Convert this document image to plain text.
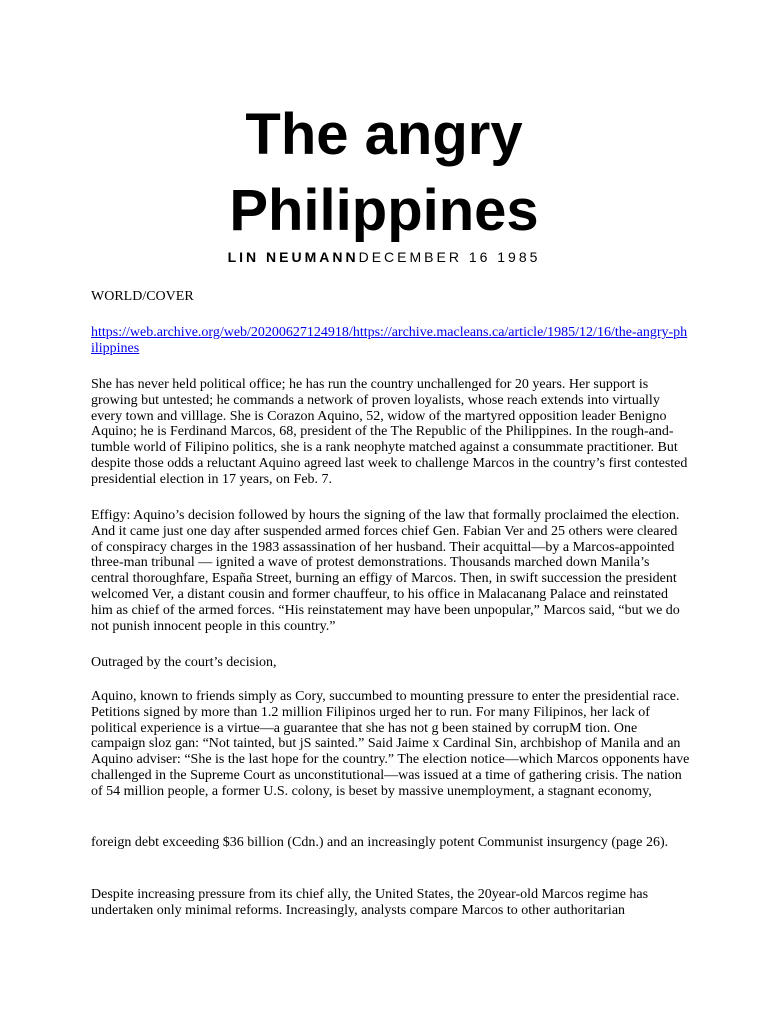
The angry
Philippines
LIN NEUMANNDECEMBER 16 1985

WORLD/COVER

https://web.archive.org/web/20200627124918/https://archive.macleans.ca/article/1985/12/16/the-angry-philippines

She has never held political office; he has run the country unchallenged for 20 years. Her support is growing but untested; he commands a network of proven loyalists, whose reach extends into virtually every town and villlage. She is Corazon Aquino, 52, widow of the martyred opposition leader Benigno Aquino; he is Ferdinand Marcos, 68, president of the The Republic of the Philippines. In the rough-and-tumble world of Filipino politics, she is a rank neophyte matched against a consummate practitioner. But despite those odds a reluctant Aquino agreed last week to challenge Marcos in the country’s first contested presidential election in 17 years, on Feb. 7.

Effigy: Aquino’s decision followed by hours the signing of the law that formally proclaimed the election. And it came just one day after suspended armed forces chief Gen. Fabian Ver and 25 others were cleared of conspiracy charges in the 1983 assassination of her husband. Their acquittal—by a Marcos-appointed three-man tribunal — ignited a wave of protest demonstrations. Thousands marched down Manila’s central thoroughfare, España Street, burning an effigy of Marcos. Then, in swift succession the president welcomed Ver, a distant cousin and former chauffeur, to his office in Malacanang Palace and reinstated him as chief of the armed forces. “His reinstatement may have been unpopular,” Marcos said, “but we do not punish innocent people in this country.”

Outraged by the court’s decision,

Aquino, known to friends simply as Cory, succumbed to mounting pressure to enter the presidential race. Petitions signed by more than 1.2 million Filipinos urged her to run. For many Filipinos, her lack of political experience is a virtue—a guarantee that she has not g been stained by corrupM tion. One campaign sloz gan: “Not tainted, but jS sainted.” Said Jaime x Cardinal Sin, archbishop of Manila and an Aquino adviser: “She is the last hope for the country.” The election notice—which Marcos opponents have challenged in the Supreme Court as unconstitutional—was issued at a time of gathering crisis. The nation of 54 million people, a former U.S. colony, is beset by massive unemployment, a stagnant economy,

foreign debt exceeding $36 billion (Cdn.) and an increasingly potent Communist insurgency (page 26).

Despite increasing pressure from its chief ally, the United States, the 20year-old Marcos regime has undertaken only minimal reforms. Increasingly, analysts compare Marcos to other authoritarian
